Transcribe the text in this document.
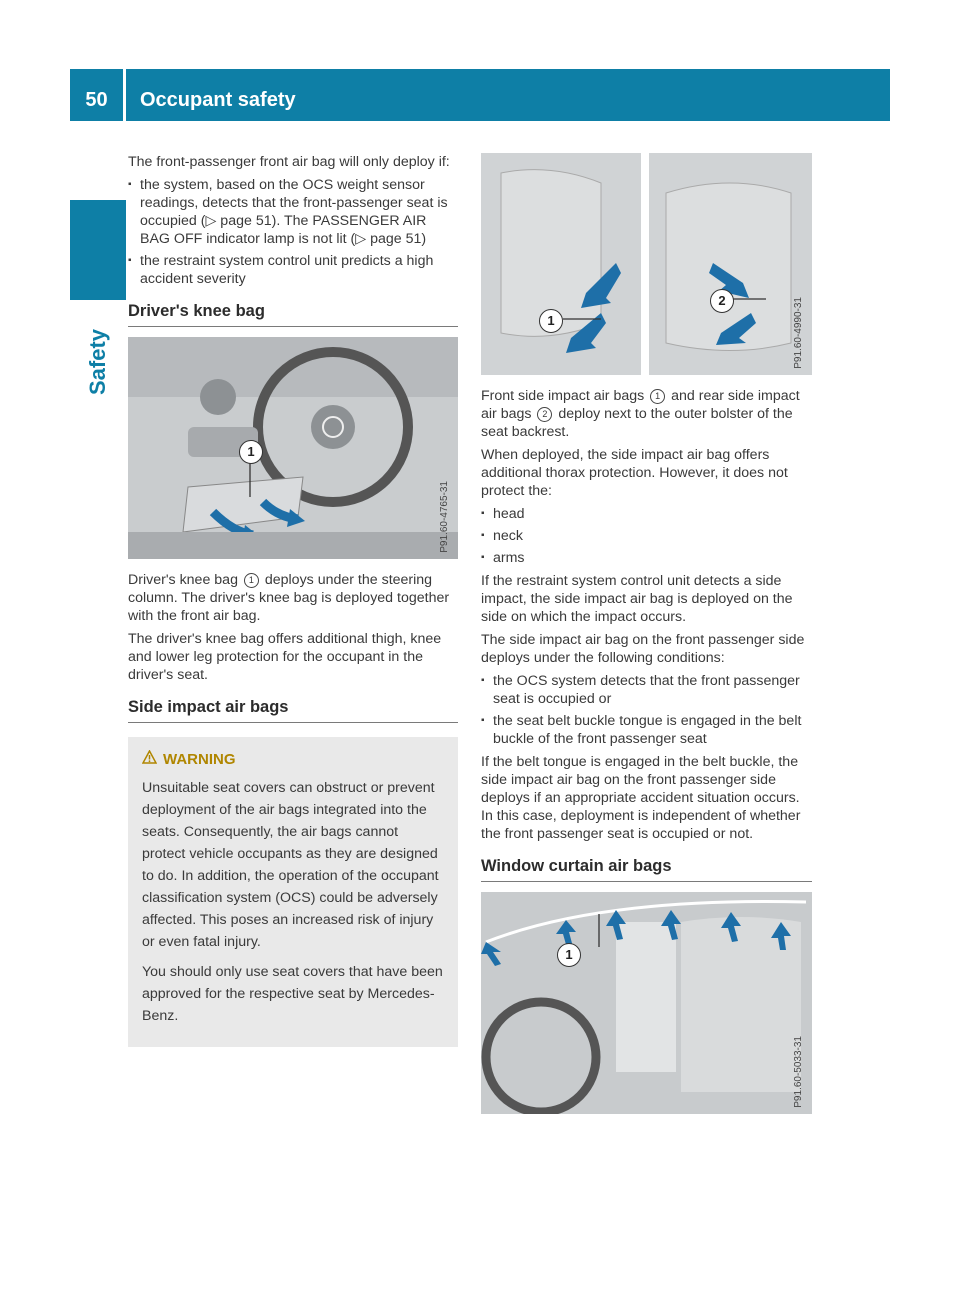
50	Occupant safety
Safety

The front-passenger front air bag will only deploy if:

▪ the system, based on the OCS weight sensor readings, detects that the front-passenger seat is occupied (▷ page 51). The PASSENGER AIR BAG OFF indicator lamp is not lit (▷ page 51)
▪ the restraint system control unit predicts a high accident severity
Driver's knee bag
1
P91.60-4765-31

Driver's knee bag 1 deploys under the steering column. The driver's knee bag is deployed together with the front air bag.

The driver's knee bag offers additional thigh, knee and lower leg protection for the occupant in the driver's seat.

Side impact air bags
WARNING

Unsuitable seat covers can obstruct or prevent deployment of the air bags integrated into the seats. Consequently, the air bags cannot protect vehicle occupants as they are designed to do. In addition, the operation of the occupant classification system (OCS) could be adversely affected. This poses an increased risk of injury or even fatal injury.

You should only use seat covers that have been approved for the respective seat by Mercedes-Benz.

1
2	P91.60-4990-31

Front side impact air bags 1 and rear side impact air bags 2 deploy next to the outer bolster of the seat backrest.

When deployed, the side impact air bag offers additional thorax protection. However, it does not protect the:

▪ head
▪ neck
▪ arms

If the restraint system control unit detects a side impact, the side impact air bag is deployed on the side on which the impact occurs.

The side impact air bag on the front passenger side deploys under the following conditions:

▪ the OCS system detects that the front passenger seat is occupied or
▪ the seat belt buckle tongue is engaged in the belt buckle of the front passenger seat

If the belt tongue is engaged in the belt buckle, the side impact air bag on the front passenger side deploys if an appropriate accident situation occurs. In this case, deployment is independent of whether the front passenger seat is occupied or not.

Window curtain air bags
1
P91.60-5033-31
